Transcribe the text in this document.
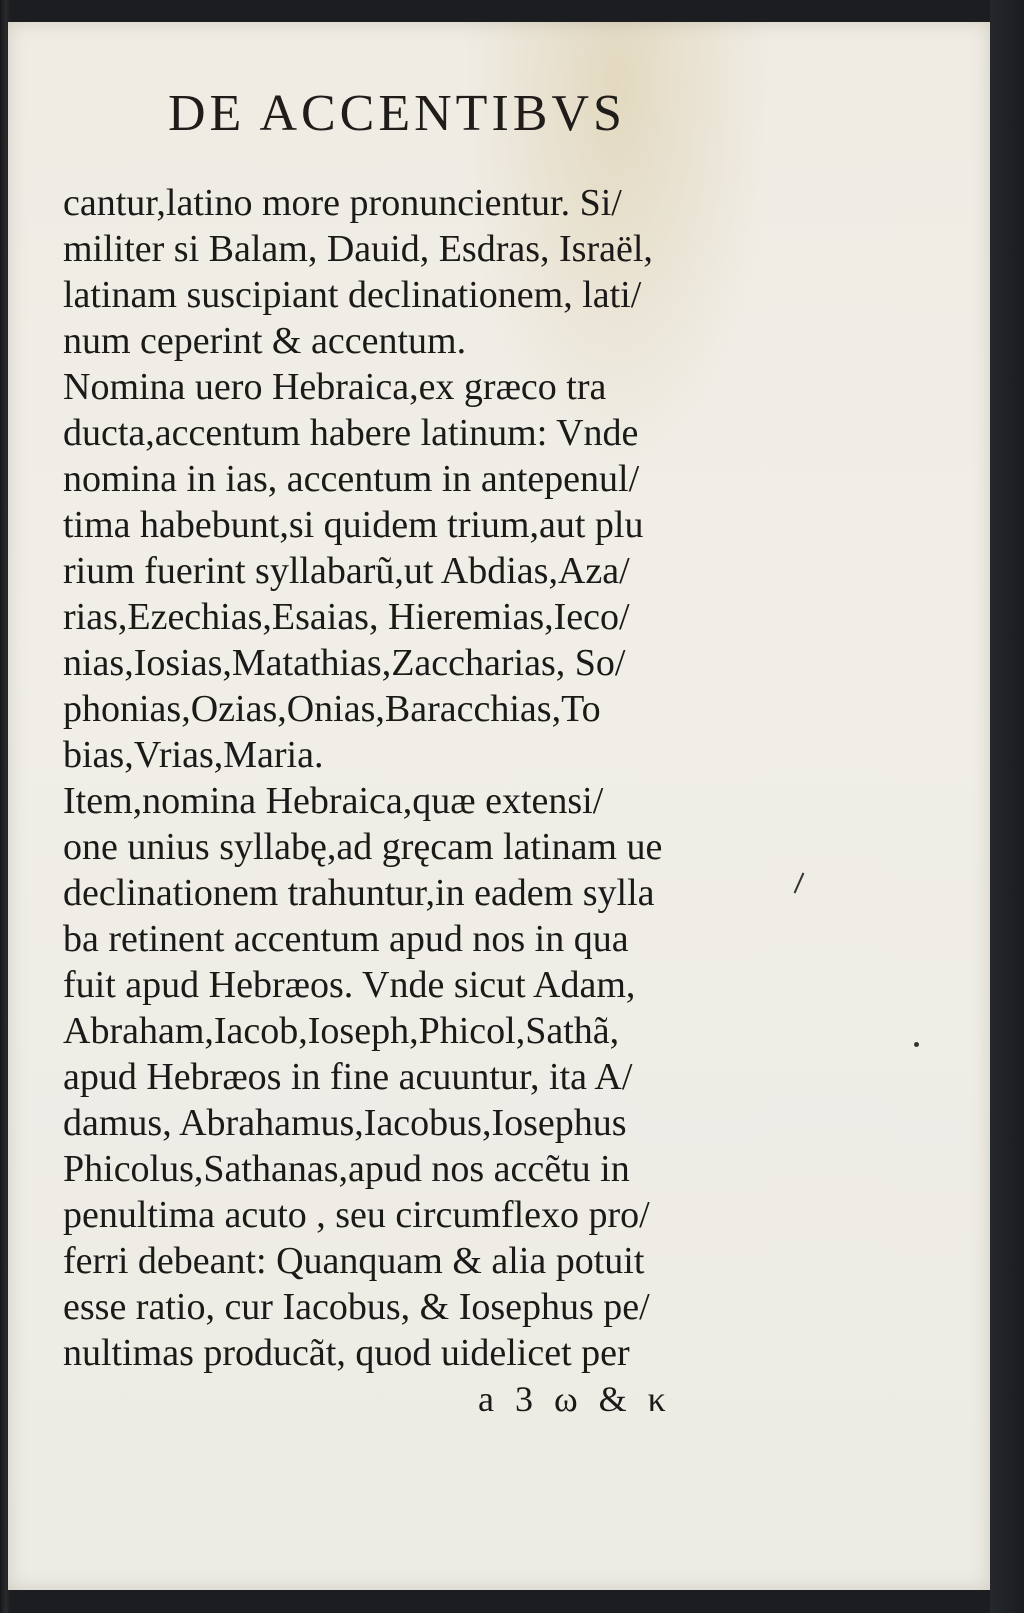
DE ACCENTIBVS
cantur,latino more pronuncientur. Si/
militer si Balam, Dauid, Esdras, Israël,
latinam suscipiant declinationem, lati/
num ceperint & accentum.
Nomina uero Hebraica,ex græco tra
ducta,accentum habere latinum: Vnde
nomina in ias, accentum in antepenul/
tima habebunt,si quidem trium,aut plu
rium fuerint syllabarũ,ut Abdias,Aza/
rias,Ezechias,Esaias, Hieremias,Ieco/
nias,Iosias,Matathias,Zaccharias, So/
phonias,Ozias,Onias,Baracchias,To
bias,Vrias,Maria.
Item,nomina Hebraica,quæ extensi/
one unius syllabę,ad gręcam latinam ue
declinationem trahuntur,in eadem sylla
ba retinent accentum apud nos in qua
fuit apud Hebræos. Vnde sicut Adam,
Abraham,Iacob,Ioseph,Phicol,Sathã,
apud Hebræos in fine acuuntur, ita A/
damus, Abrahamus,Iacobus,Iosephus
Phicolus,Sathanas,apud nos accẽtu in
penultima acuto , seu circumflexo pro/
ferri debeant: Quanquam & alia potuit
esse ratio, cur Iacobus, & Iosephus pe/
nultimas producãt, quod uidelicet per
a 3 ω & κ
